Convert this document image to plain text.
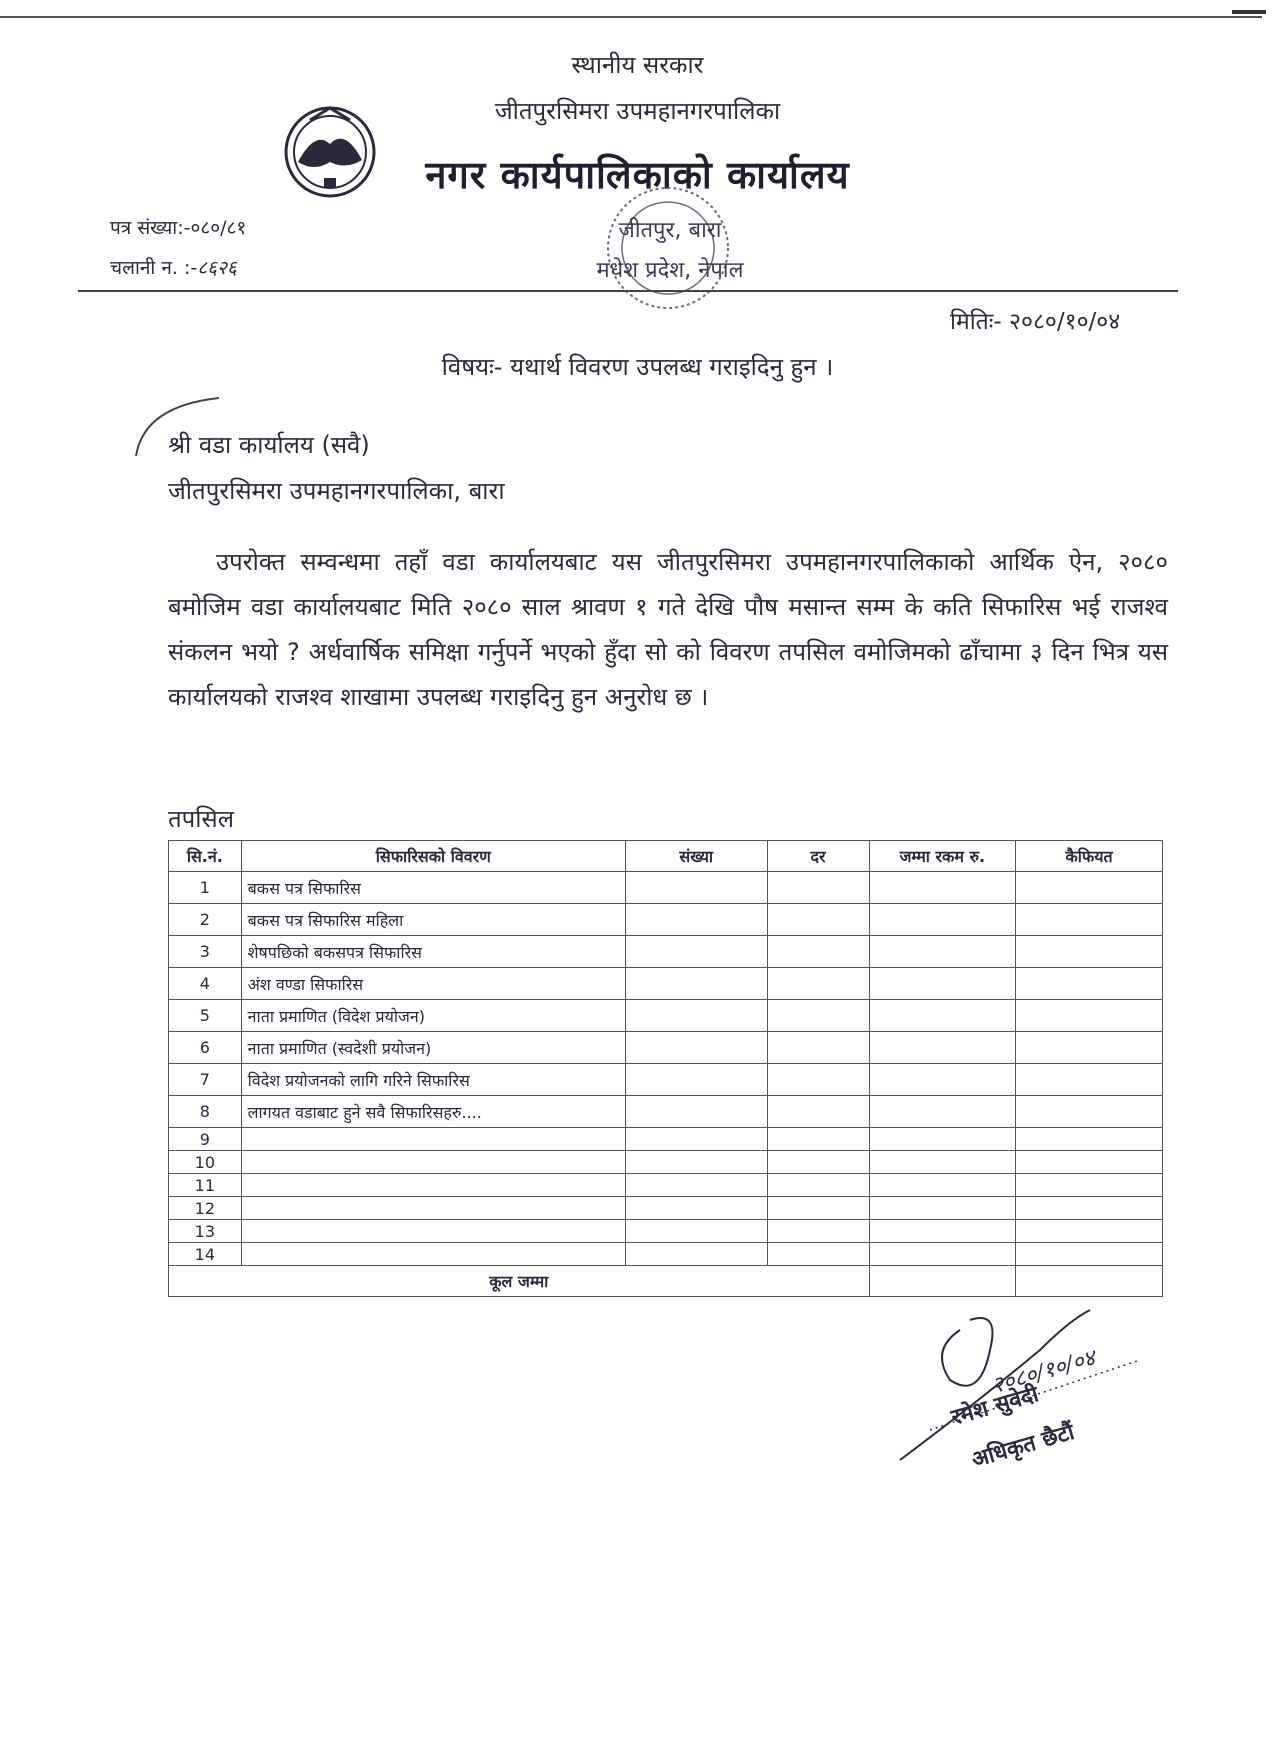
स्थानीय सरकार
जीतपुरसिमरा उपमहानगरपालिका
नगर कार्यपालिकाको कार्यालय
पत्र संख्या:-०८०/८१
चलानी न. :-८६२६
जीतपुर, बारा
मधेश प्रदेश, नेपाल
मितिः- २०८०/१०/०४
विषयः- यथार्थ विवरण उपलब्ध गराइदिनु हुन ।
श्री वडा कार्यालय (सवै)
जीतपुरसिमरा उपमहानगरपालिका, बारा
उपरोक्त सम्वन्धमा तहाँ वडा कार्यालयबाट यस जीतपुरसिमरा उपमहानगरपालिकाको आर्थिक ऐन, २०८० बमोजिम वडा कार्यालयबाट मिति २०८० साल श्रावण १ गते देखि पौष मसान्त सम्म के कति सिफारिस भई राजश्व संकलन भयो ? अर्धवार्षिक समिक्षा गर्नुपर्ने भएको हुँदा सो को विवरण तपसिल वमोजिमको ढाँचामा ३ दिन भित्र यस कार्यालयको राजश्व शाखामा उपलब्ध गराइदिनु हुन अनुरोध छ ।
तपसिल
सि.नं.	सिफारिसको विवरण	संख्या	दर	जम्मा रकम रु.	कैफियत
1	बकस पत्र सिफारिस				
2	बकस पत्र सिफारिस महिला				
3	शेषपछिको बकसपत्र सिफारिस				
4	अंश वण्डा सिफारिस				
5	नाता प्रमाणित (विदेश प्रयोजन)				
6	नाता प्रमाणित (स्वदेशी प्रयोजन)				
7	विदेश प्रयोजनको लागि गरिने सिफारिस				
8	लागयत वडाबाट हुने सवै सिफारिसहरु....				
9					
10					
11					
12					
13					
14					
कूल जम्मा					
२०८०/१०/०४
रमेश सुवेदी
अधिकृत छैटौं
